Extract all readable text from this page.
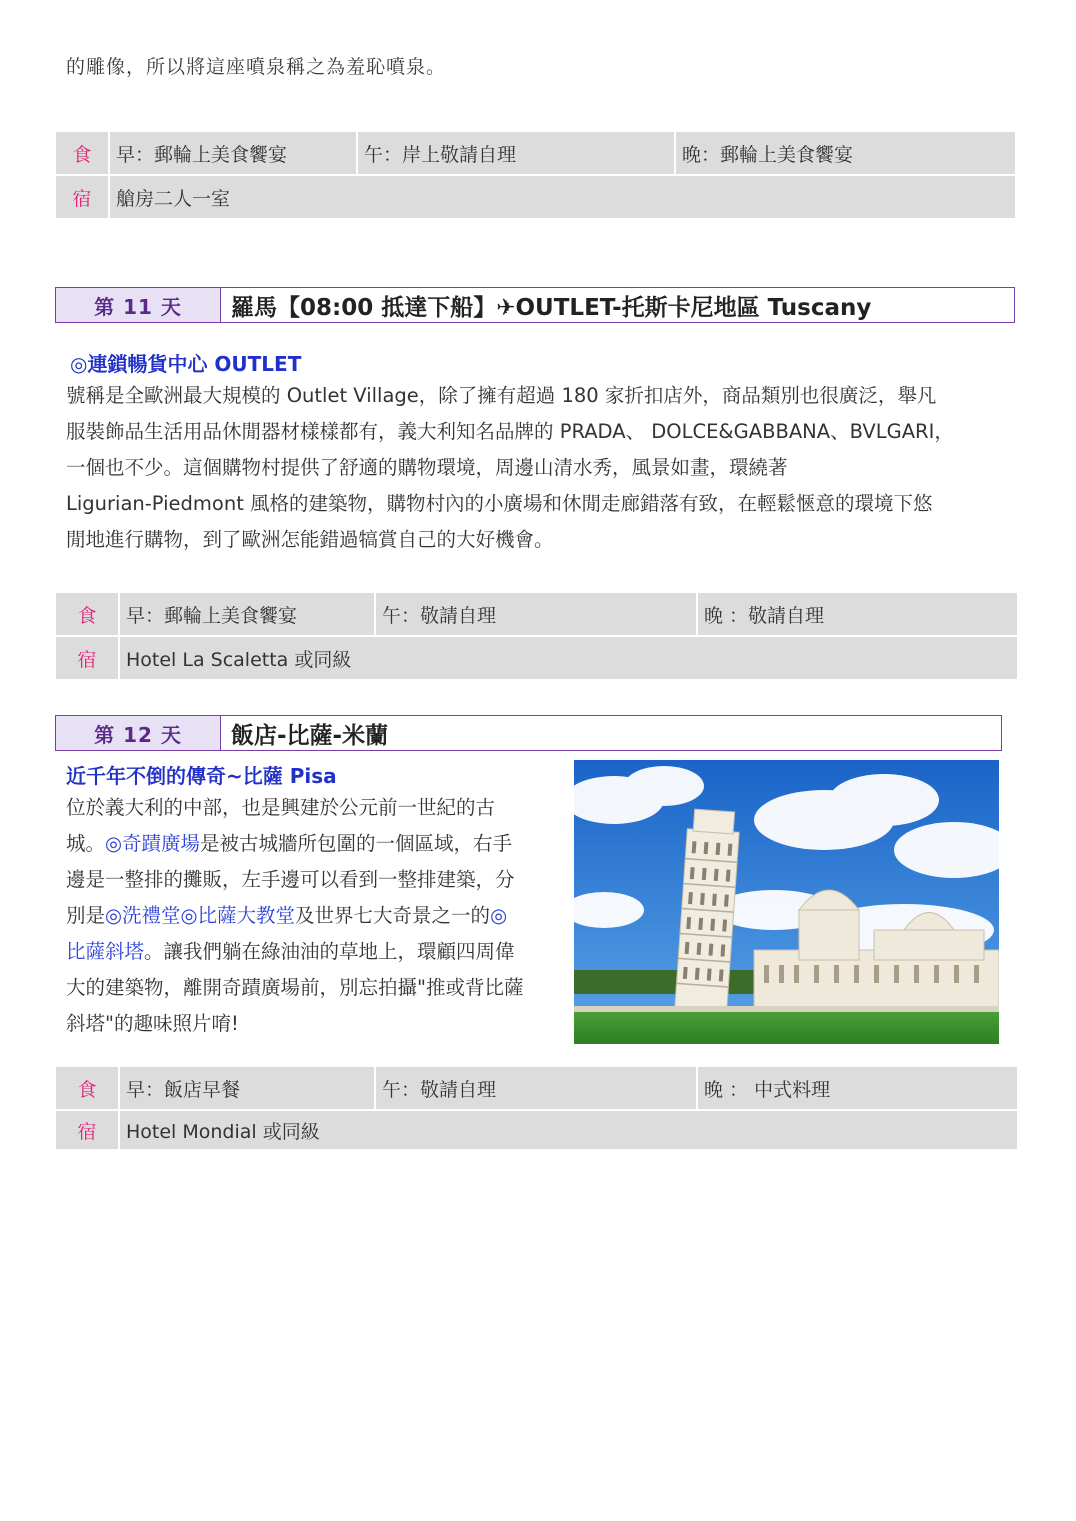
的雕像，所以將這座噴泉稱之為羞恥噴泉。
食	早：郵輪上美食饗宴	午：岸上敬請自理	晚：郵輪上美食饗宴
宿	艙房二人一室		
第 11 天	羅馬【08:00 抵達下船】✈OUTLET-托斯卡尼地區 Tuscany
◎連鎖暢貨中心 OUTLET
號稱是全歐洲最大規模的 Outlet Village，除了擁有超過 180 家折扣店外，商品類別也很廣泛，舉凡
服裝飾品生活用品休閒器材樣樣都有，義大利知名品牌的 PRADA、 DOLCE&GABBANA、BVLGARI，
一個也不少。這個購物村提供了舒適的購物環境，周邊山清水秀，風景如畫，環繞著
Ligurian-Piedmont 風格的建築物，購物村內的小廣場和休閒走廊錯落有致，在輕鬆愜意的環境下悠
閒地進行購物，到了歐洲怎能錯過犒賞自己的大好機會。
食	早：郵輪上美食饗宴	午：敬請自理	晚 ：敬請自理
宿	Hotel La Scaletta 或同級		
第 12 天	飯店-比薩-米蘭
近千年不倒的傳奇~比薩 Pisa
位於義大利的中部，也是興建於公元前一世紀的古
城。◎奇蹟廣場是被古城牆所包圍的一個區域，右手
邊是一整排的攤販，左手邊可以看到一整排建築，分
別是◎洗禮堂◎比薩大教堂及世界七大奇景之一的◎
比薩斜塔。讓我們躺在綠油油的草地上，環顧四周偉
大的建築物，離開奇蹟廣場前，別忘拍攝"推或背比薩
斜塔"的趣味照片唷!
食	早：飯店早餐	午：敬請自理	晚 ： 中式料理
宿	Hotel Mondial 或同級		
